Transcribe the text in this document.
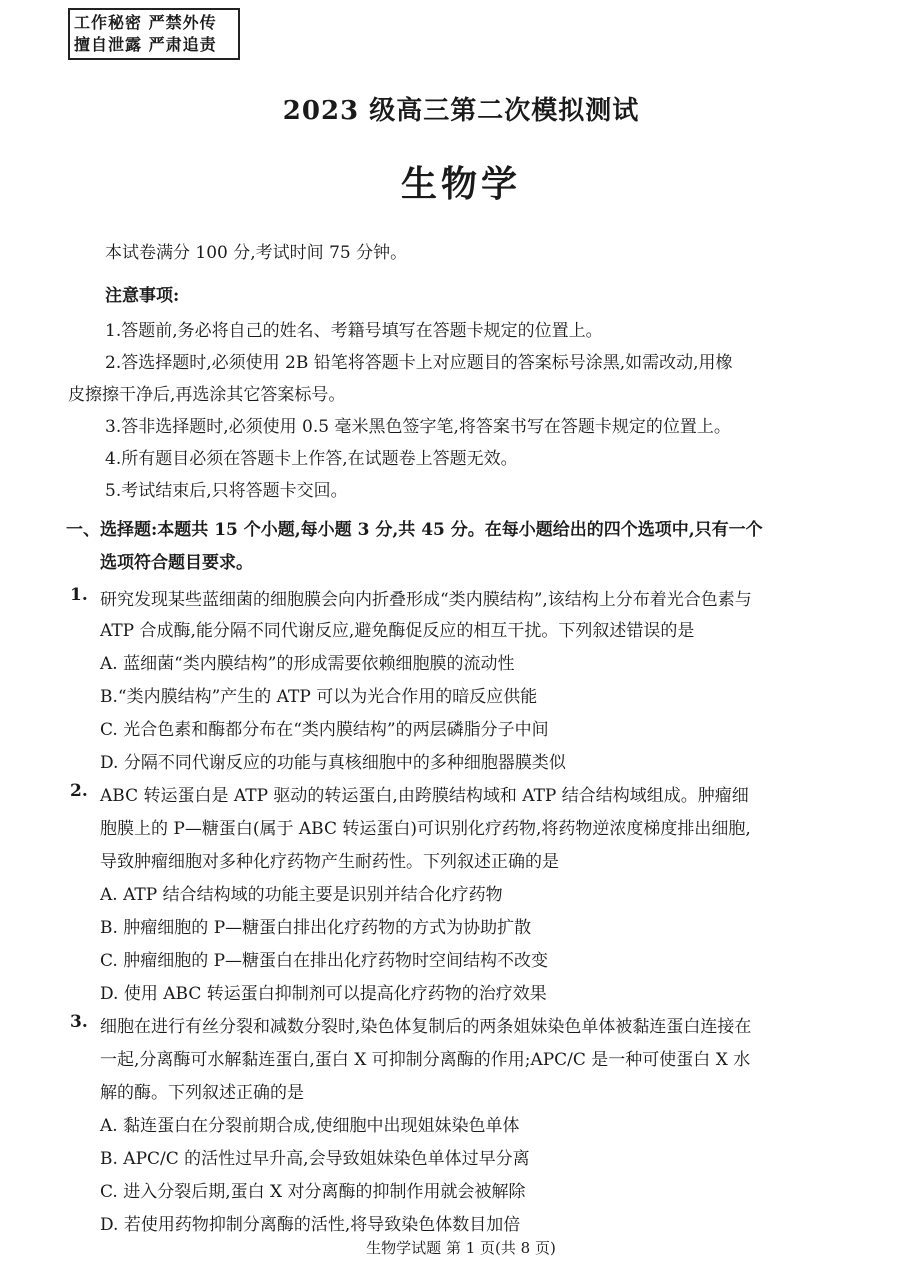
工作秘密 严禁外传
擅自泄露 严肃追责
2023 级高三第二次模拟测试
生物学
本试卷满分 100 分,考试时间 75 分钟。
注意事项:
1.答题前,务必将自己的姓名、考籍号填写在答题卡规定的位置上。
2.答选择题时,必须使用 2B 铅笔将答题卡上对应题目的答案标号涂黑,如需改动,用橡
皮擦擦干净后,再选涂其它答案标号。
3.答非选择题时,必须使用 0.5 毫米黑色签字笔,将答案书写在答题卡规定的位置上。
4.所有题目必须在答题卡上作答,在试题卷上答题无效。
5.考试结束后,只将答题卡交回。
一、选择题:本题共 15 个小题,每小题 3 分,共 45 分。在每小题给出的四个选项中,只有一个
选项符合题目要求。
1. 研究发现某些蓝细菌的细胞膜会向内折叠形成“类内膜结构”,该结构上分布着光合色素与
ATP 合成酶,能分隔不同代谢反应,避免酶促反应的相互干扰。下列叙述错误的是
A. 蓝细菌“类内膜结构”的形成需要依赖细胞膜的流动性
B.“类内膜结构”产生的 ATP 可以为光合作用的暗反应供能
C. 光合色素和酶都分布在“类内膜结构”的两层磷脂分子中间
D. 分隔不同代谢反应的功能与真核细胞中的多种细胞器膜类似
2. ABC 转运蛋白是 ATP 驱动的转运蛋白,由跨膜结构域和 ATP 结合结构域组成。肿瘤细
胞膜上的 P—糖蛋白(属于 ABC 转运蛋白)可识别化疗药物,将药物逆浓度梯度排出细胞,
导致肿瘤细胞对多种化疗药物产生耐药性。下列叙述正确的是
A. ATP 结合结构域的功能主要是识别并结合化疗药物
B. 肿瘤细胞的 P—糖蛋白排出化疗药物的方式为协助扩散
C. 肿瘤细胞的 P—糖蛋白在排出化疗药物时空间结构不改变
D. 使用 ABC 转运蛋白抑制剂可以提高化疗药物的治疗效果
3. 细胞在进行有丝分裂和减数分裂时,染色体复制后的两条姐妹染色单体被黏连蛋白连接在
一起,分离酶可水解黏连蛋白,蛋白 X 可抑制分离酶的作用;APC/C 是一种可使蛋白 X 水
解的酶。下列叙述正确的是
A. 黏连蛋白在分裂前期合成,使细胞中出现姐妹染色单体
B. APC/C 的活性过早升高,会导致姐妹染色单体过早分离
C. 进入分裂后期,蛋白 X 对分离酶的抑制作用就会被解除
D. 若使用药物抑制分离酶的活性,将导致染色体数目加倍
生物学试题 第 1 页(共 8 页)
